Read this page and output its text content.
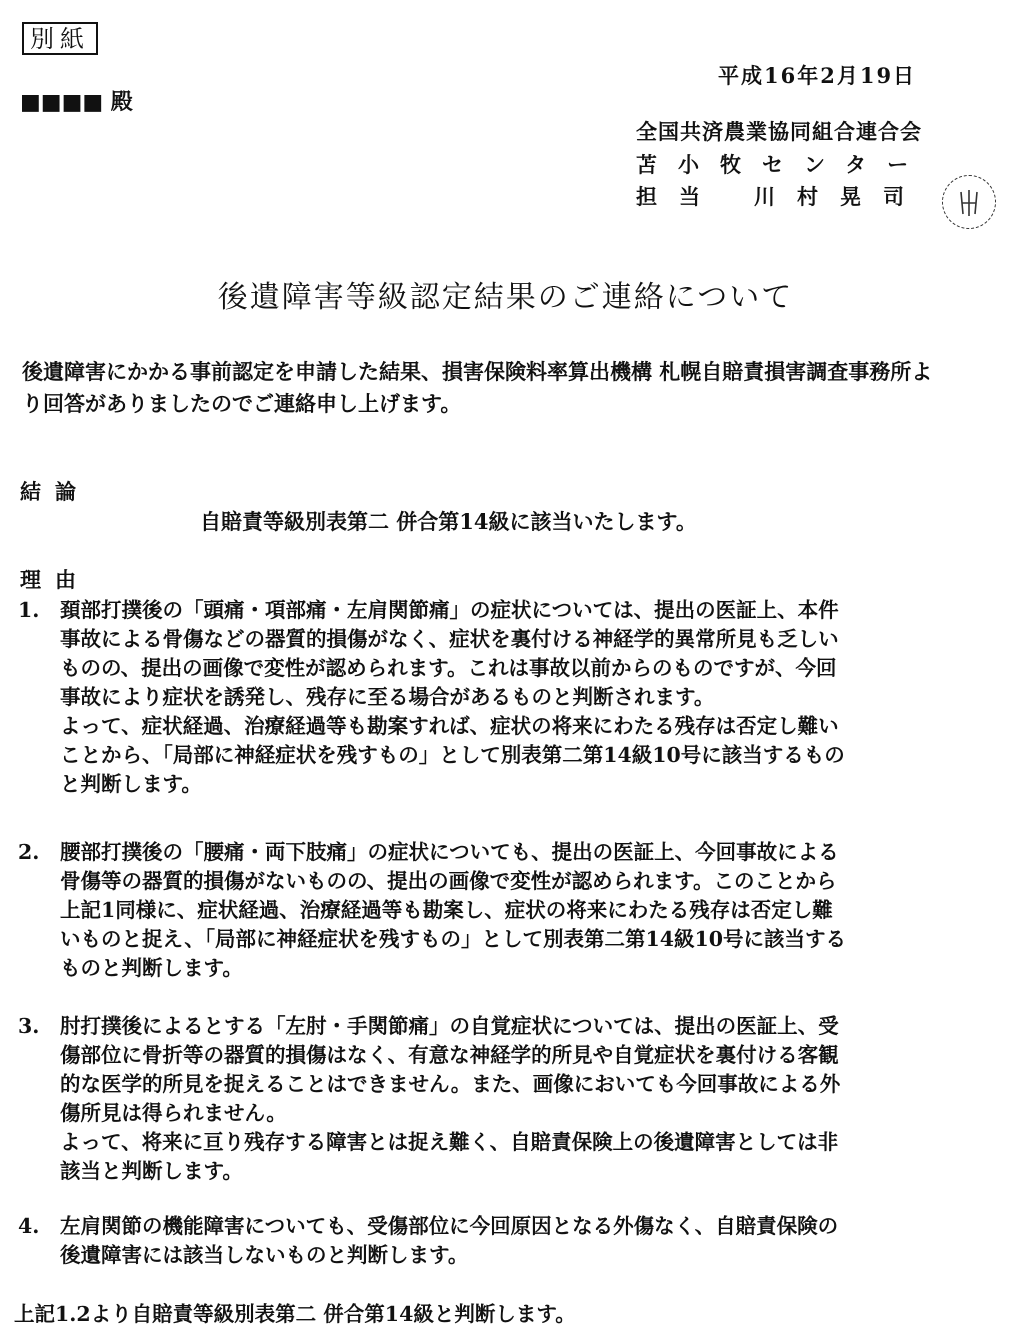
別紙
■■■■ 殿
平成16年2月19日
全国共済農業協同組合連合会
苫小牧センター
担当 川村晃司
後遺障害等級認定結果のご連絡について
後遺障害にかかる事前認定を申請した結果、損害保険料率算出機構 札幌自賠責損害調査事務所より回答がありましたのでご連絡申し上げます。
結論
自賠責等級別表第二 併合第14級に該当いたします。
理由
1.	頚部打撲後の「頭痛・項部痛・左肩関節痛」の症状については、提出の医証上、本件
事故による骨傷などの器質的損傷がなく、症状を裏付ける神経学的異常所見も乏しい
ものの、提出の画像で変性が認められます。これは事故以前からのものですが、今回
事故により症状を誘発し、残存に至る場合があるものと判断されます。
よって、症状経過、治療経過等も勘案すれば、症状の将来にわたる残存は否定し難い
ことから、「局部に神経症状を残すもの」として別表第二第14級10号に該当するもの
と判断します。
2.	腰部打撲後の「腰痛・両下肢痛」の症状についても、提出の医証上、今回事故による
骨傷等の器質的損傷がないものの、提出の画像で変性が認められます。このことから
上記1同様に、症状経過、治療経過等も勘案し、症状の将来にわたる残存は否定し難
いものと捉え、「局部に神経症状を残すもの」として別表第二第14級10号に該当する
ものと判断します。
3.	肘打撲後によるとする「左肘・手関節痛」の自覚症状については、提出の医証上、受
傷部位に骨折等の器質的損傷はなく、有意な神経学的所見や自覚症状を裏付ける客観
的な医学的所見を捉えることはできません。また、画像においても今回事故による外
傷所見は得られません。
よって、将来に亘り残存する障害とは捉え難く、自賠責保険上の後遺障害としては非
該当と判断します。
4.	左肩関節の機能障害についても、受傷部位に今回原因となる外傷なく、自賠責保険の
後遺障害には該当しないものと判断します。
上記1.2より自賠責等級別表第二 併合第14級と判断します。
